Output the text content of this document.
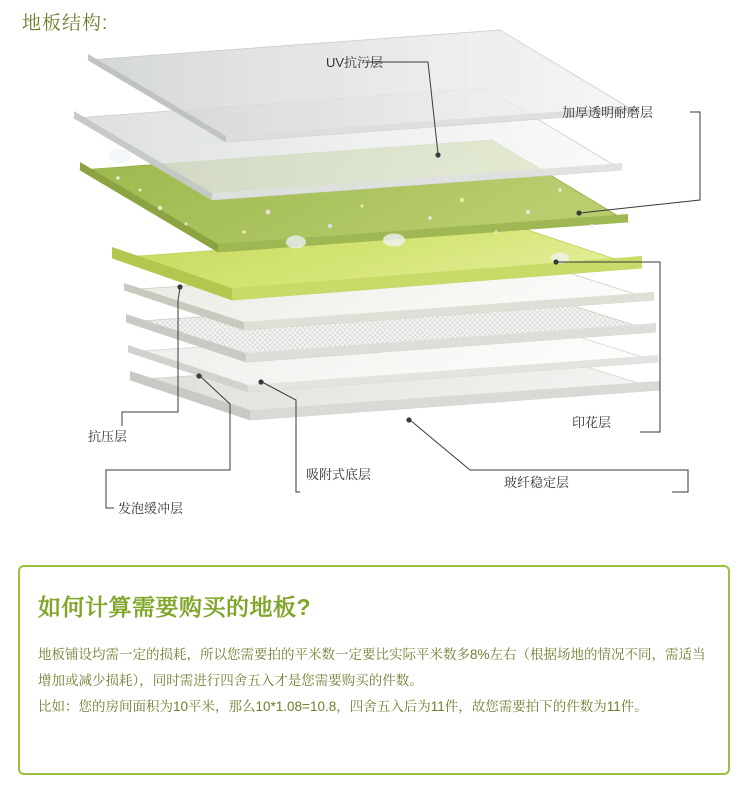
地板结构:
UV抗污层
加厚透明耐磨层
印花层
玻纤稳定层
吸附式底层
发泡缓冲层
抗压层
如何计算需要购买的地板?

地板铺设均需一定的损耗，所以您需要拍的平米数一定要比实际平米数多8%左右（根据场地的情况不同，需适当增加或减少损耗），同时需进行四舍五入才是您需要购买的件数。

比如：您的房间面积为10平米，那么10*1.08=10.8，四舍五入后为11件，故您需要拍下的件数为11件。
